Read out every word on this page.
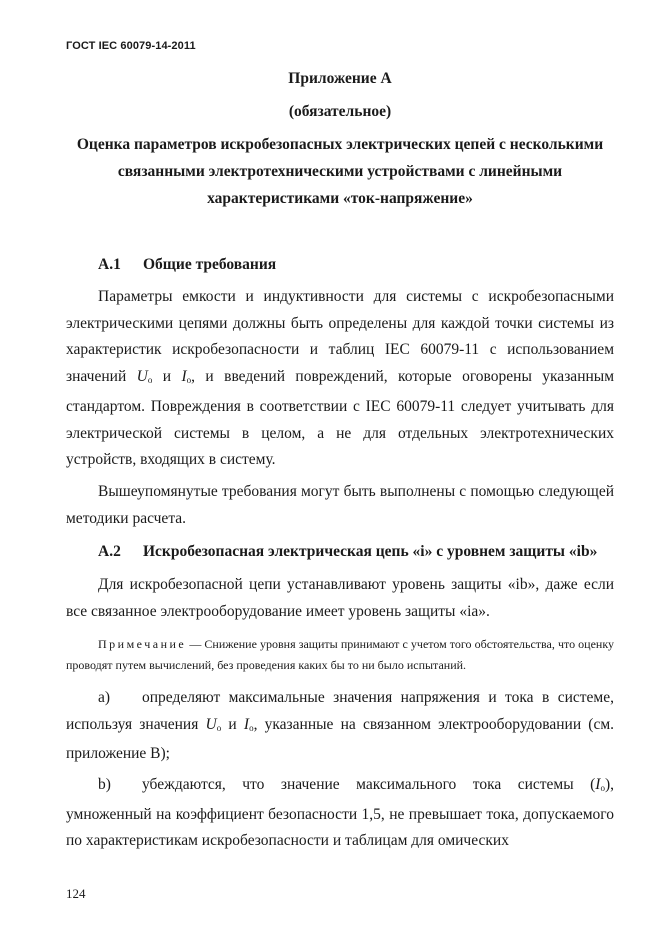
ГОСТ IEC 60079-14-2011
Приложение А
(обязательное)
Оценка параметров искробезопасных электрических цепей с несколькими
связанными электротехническими устройствами с линейными
характеристиками «ток-напряжение»
А.1 Общие требования
Параметры емкости и индуктивности для системы с искробезопасными электрическими цепями должны быть определены для каждой точки системы из характеристик искробезопасности и таблиц IEC 60079-11 с использованием значений $U_o$ и $I_o$, и введений повреждений, которые оговорены указанным стандартом. Повреждения в соответствии с IEC 60079-11 следует учитывать для электрической системы в целом, а не для отдельных электротехнических устройств, входящих в систему.
Вышеупомянутые требования могут быть выполнены с помощью следующей методики расчета.
А.2 Искробезопасная электрическая цепь «i» с уровнем защиты «ib»
Для искробезопасной цепи устанавливают уровень защиты «ib», даже если все связанное электрооборудование имеет уровень защиты «ia».
Примечание — Снижение уровня защиты принимают с учетом того обстоятельства, что оценку проводят путем вычислений, без проведения каких бы то ни было испытаний.
а) определяют максимальные значения напряжения и тока в системе, используя значения $U_o$ и $I_o$, указанные на связанном электрооборудовании (см. приложение В);
b) убеждаются, что значение максимального тока системы $(I_o)$, умноженный на коэффициент безопасности 1,5, не превышает тока, допускаемого по характеристикам искробезопасности и таблицам для омических
124
